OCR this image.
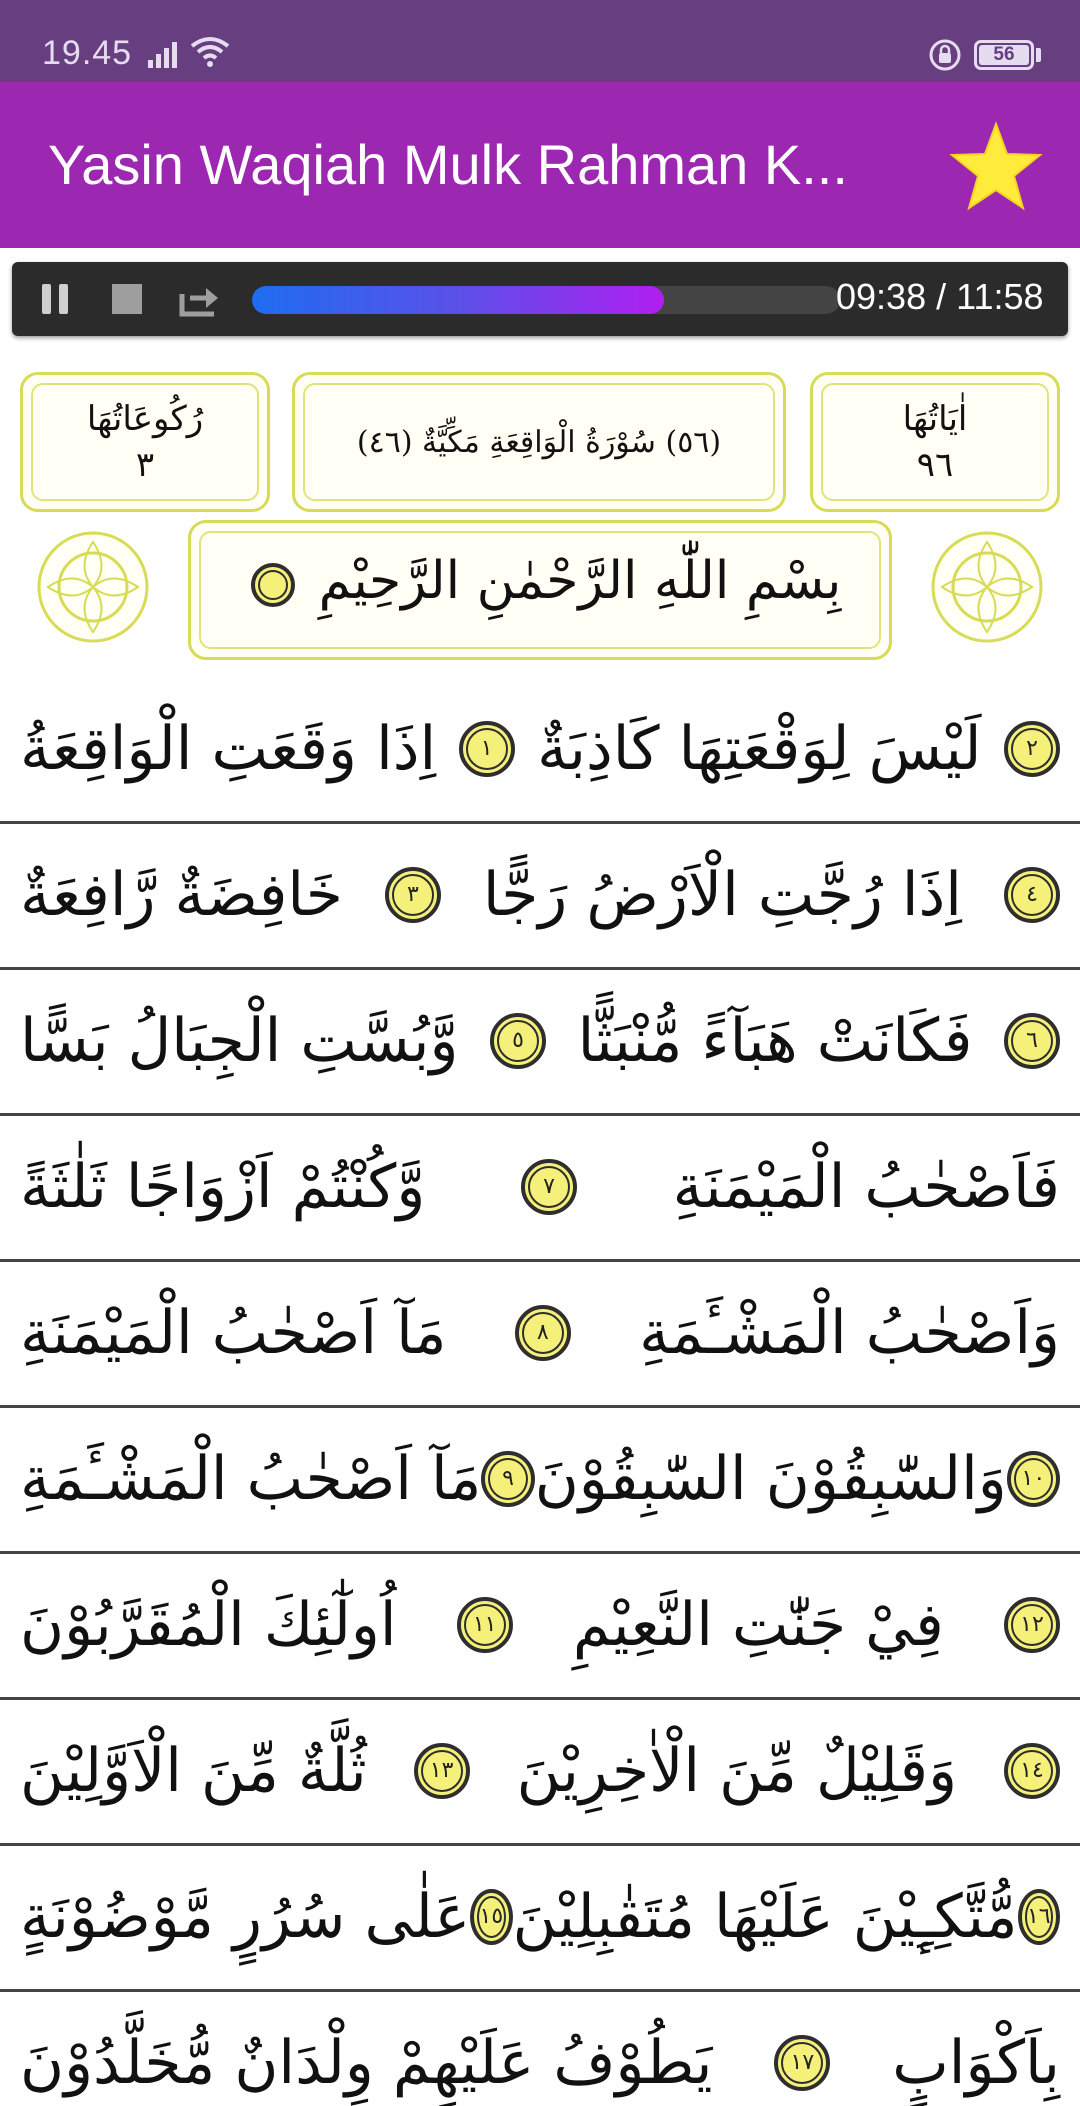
19.45	56
Yasin Waqiah Mulk Rahman K...
09:38 / 11:58
رُكُوعَاتُهَا
٣
(٥٦) سُوْرَةُ الْوَاقِعَةِ مَكِّيَّةٌ (٤٦)
اٰيَاتُهَا
٩٦
بِسْمِ اللّٰهِ الرَّحْمٰنِ الرَّحِيْمِ
اِذَا وَقَعَتِ الْوَاقِعَةُ	١ لَيْسَ لِوَقْعَتِهَا كَاذِبَةٌ	٢
خَافِضَةٌ رَّافِعَةٌ	٣	اِذَا رُجَّتِ الْاَرْضُ رَجًّا	٤
وَّبُسَّتِ الْجِبَالُ بَسًّا	٥ فَكَانَتْ هَبَآءً مُّنْبَثًّا	٦
وَّكُنْتُمْ اَزْوَاجًا ثَلٰثَةً	٧	فَاَصْحٰبُ الْمَيْمَنَةِ
مَآ اَصْحٰبُ الْمَيْمَنَةِ	٨	وَاَصْحٰبُ الْمَشْـَٔمَةِ
مَآ اَصْحٰبُ الْمَشْـَٔمَةِ ٩ وَالسّٰبِقُوْنَ السّٰبِقُوْنَ ١٠
اُولٰٓئِكَ الْمُقَرَّبُوْنَ	١١ فِيْ جَنّٰتِ النَّعِيْمِ	١٢
ثُلَّةٌ مِّنَ الْاَوَّلِيْنَ	١٣ وَقَلِيْلٌ مِّنَ الْاٰخِرِيْنَ	١٤
عَلٰى سُرُرٍ مَّوْضُوْنَةٍ ١٥ مُّتَّكِـِٕيْنَ عَلَيْهَا مُتَقٰبِلِيْنَ ١٦
يَطُوْفُ عَلَيْهِمْ وِلْدَانٌ مُّخَلَّدُوْنَ	١٧ بِاَكْوَابٍ
